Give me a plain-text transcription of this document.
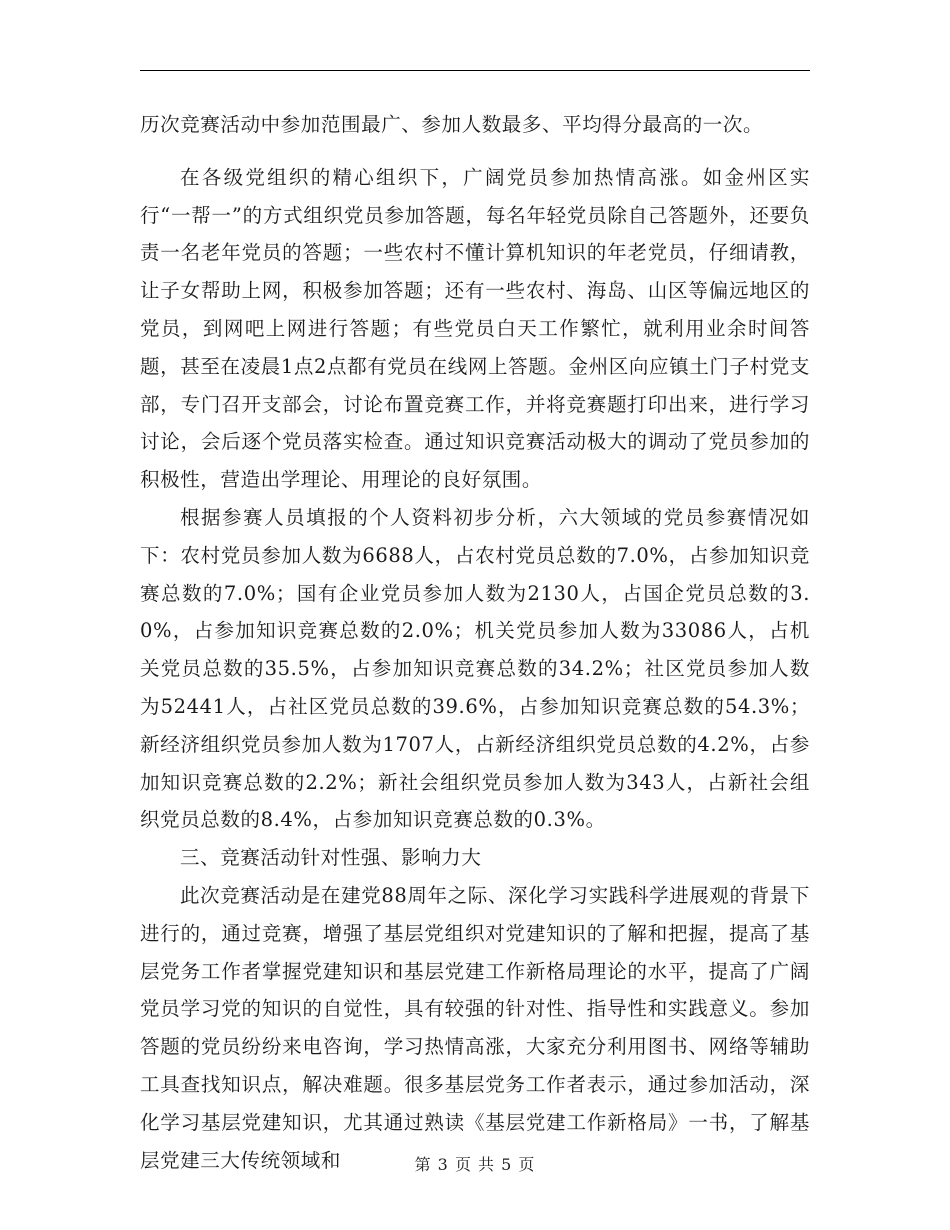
历次竞赛活动中参加范围最广、参加人数最多、平均得分最高的一次。

在各级党组织的精心组织下，广阔党员参加热情高涨。如金州区实行“一帮一”的方式组织党员参加答题，每名年轻党员除自己答题外，还要负责一名老年党员的答题；一些农村不懂计算机知识的年老党员，仔细请教，让子女帮助上网，积极参加答题；还有一些农村、海岛、山区等偏远地区的党员，到网吧上网进行答题；有些党员白天工作繁忙，就利用业余时间答题，甚至在凌晨1点2点都有党员在线网上答题。金州区向应镇土门子村党支部，专门召开支部会，讨论布置竞赛工作，并将竞赛题打印出来，进行学习讨论，会后逐个党员落实检查。通过知识竞赛活动极大的调动了党员参加的积极性，营造出学理论、用理论的良好氛围。

根据参赛人员填报的个人资料初步分析，六大领域的党员参赛情况如下：农村党员参加人数为6688人，占农村党员总数的7.0%，占参加知识竞赛总数的7.0%；国有企业党员参加人数为2130人，占国企党员总数的3.0%，占参加知识竞赛总数的2.0%；机关党员参加人数为33086人，占机关党员总数的35.5%，占参加知识竞赛总数的34.2%；社区党员参加人数为52441人，占社区党员总数的39.6%，占参加知识竞赛总数的54.3%；新经济组织党员参加人数为1707人，占新经济组织党员总数的4.2%，占参加知识竞赛总数的2.2%；新社会组织党员参加人数为343人，占新社会组织党员总数的8.4%，占参加知识竞赛总数的0.3%。

三、竞赛活动针对性强、影响力大

此次竞赛活动是在建党88周年之际、深化学习实践科学进展观的背景下进行的，通过竞赛，增强了基层党组织对党建知识的了解和把握，提高了基层党务工作者掌握党建知识和基层党建工作新格局理论的水平，提高了广阔党员学习党的知识的自觉性，具有较强的针对性、指导性和实践意义。参加答题的党员纷纷来电咨询，学习热情高涨，大家充分利用图书、网络等辅助工具查找知识点，解决难题。很多基层党务工作者表示，通过参加活动，深化学习基层党建知识，尤其通过熟读《基层党建工作新格局》一书，了解基层党建三大传统领域和	第 3 页 共 5 页
